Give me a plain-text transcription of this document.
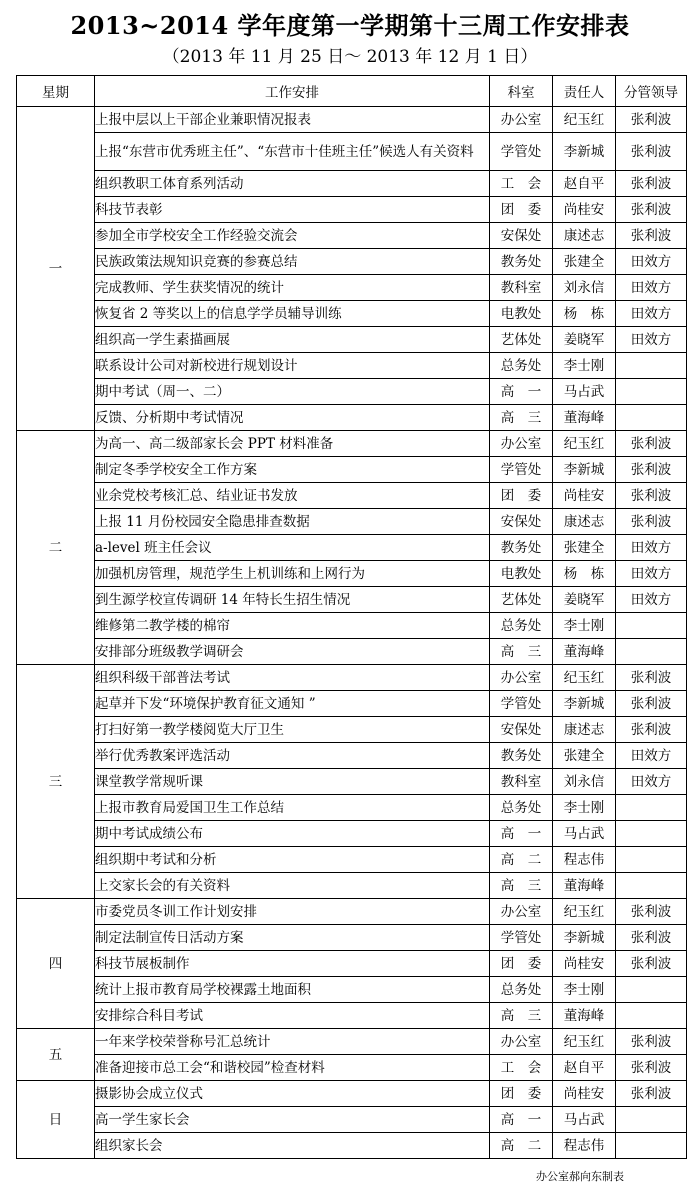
2013~2014 学年度第一学期第十三周工作安排表
（2013 年 11 月 25 日～ 2013 年 12 月 1 日）
星期	工作安排	科室	责任人	分管领导
一	上报中层以上干部企业兼职情况报表	办公室	纪玉红	张利波
	上报“东营市优秀班主任”、“东营市十佳班主任”候选人有关资料	学管处	李新城	张利波
	组织教职工体育系列活动	工　会	赵自平	张利波
	科技节表彰	团　委	尚桂安	张利波
	参加全市学校安全工作经验交流会	安保处	康述志	张利波
	民族政策法规知识竞赛的参赛总结	教务处	张建全	田效方
	完成教师、学生获奖情况的统计	教科室	刘永信	田效方
	恢复省 2 等奖以上的信息学学员辅导训练	电教处	杨　栋	田效方
	组织高一学生素描画展	艺体处	姜晓军	田效方
	联系设计公司对新校进行规划设计	总务处	李士刚	
	期中考试（周一、二）	高　一	马占武	
	反馈、分析期中考试情况	高　三	董海峰	
二	为高一、高二级部家长会 PPT 材料准备	办公室	纪玉红	张利波
	制定冬季学校安全工作方案	学管处	李新城	张利波
	业余党校考核汇总、结业证书发放	团　委	尚桂安	张利波
	上报 11 月份校园安全隐患排查数据	安保处	康述志	张利波
	a-level 班主任会议	教务处	张建全	田效方
	加强机房管理，规范学生上机训练和上网行为	电教处	杨　栋	田效方
	到生源学校宣传调研 14 年特长生招生情况	艺体处	姜晓军	田效方
	维修第二教学楼的棉帘	总务处	李士刚	
	安排部分班级教学调研会	高　三	董海峰	
三	组织科级干部普法考试	办公室	纪玉红	张利波
	起草并下发“环境保护教育征文通知 ”	学管处	李新城	张利波
	打扫好第一教学楼阅览大厅卫生	安保处	康述志	张利波
	举行优秀教案评选活动	教务处	张建全	田效方
	课堂教学常规听课	教科室	刘永信	田效方
	上报市教育局爱国卫生工作总结	总务处	李士刚	
	期中考试成绩公布	高　一	马占武	
	组织期中考试和分析	高　二	程志伟	
	上交家长会的有关资料	高　三	董海峰	
四	市委党员冬训工作计划安排	办公室	纪玉红	张利波
	制定法制宣传日活动方案	学管处	李新城	张利波
	科技节展板制作	团　委	尚桂安	张利波
	统计上报市教育局学校裸露土地面积	总务处	李士刚	
	安排综合科目考试	高　三	董海峰	
五	一年来学校荣誉称号汇总统计	办公室	纪玉红	张利波
	准备迎接市总工会“和谐校园”检查材料	工　会	赵自平	张利波
日	摄影协会成立仪式	团　委	尚桂安	张利波
	高一学生家长会	高　一	马占武	
	组织家长会	高　二	程志伟	
办公室郝向东制表
